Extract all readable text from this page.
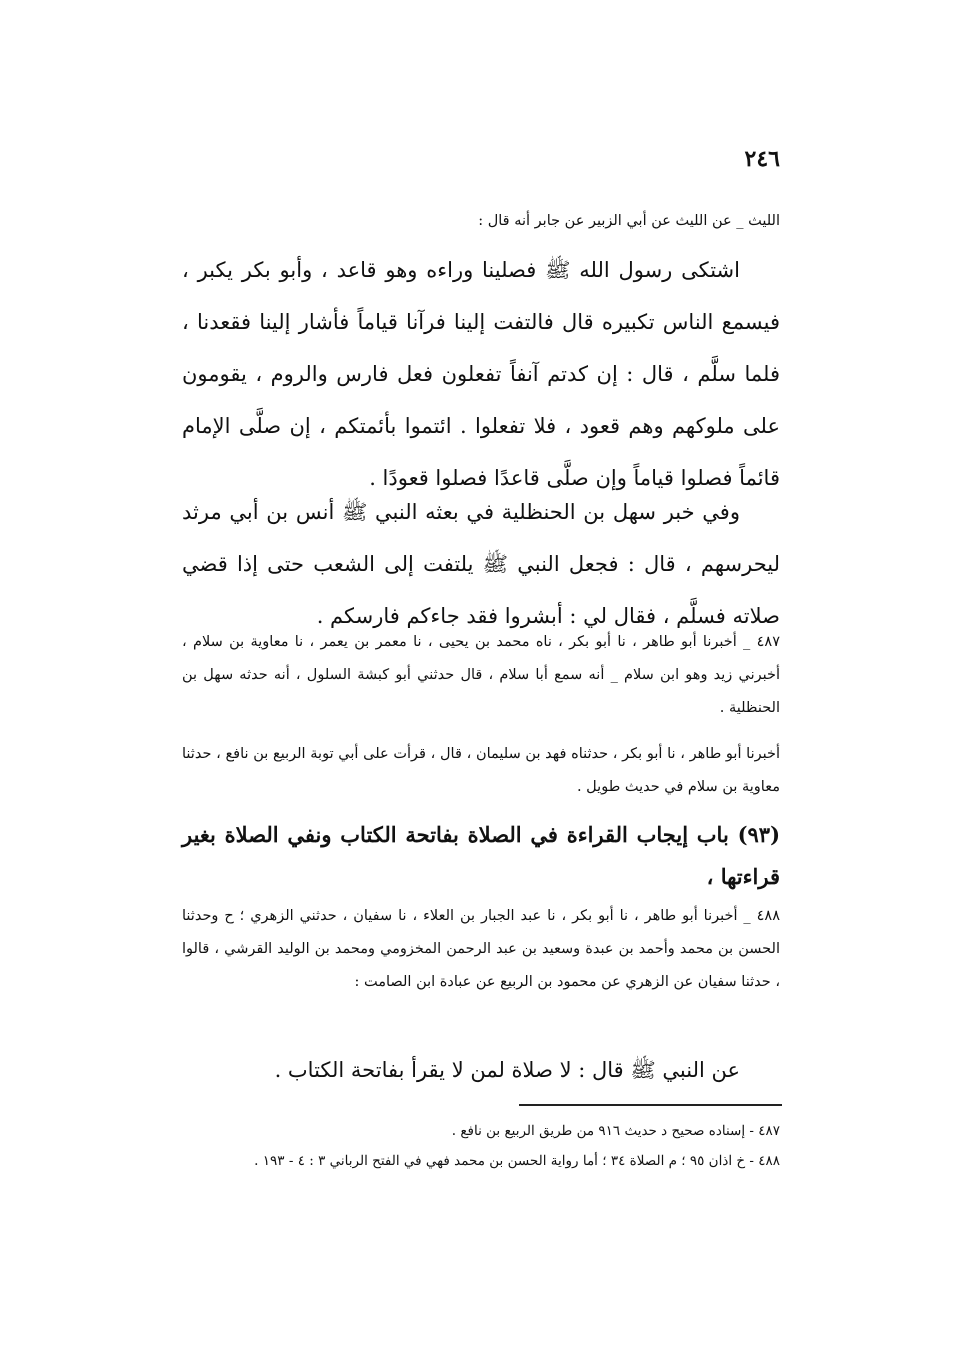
٢٤٦

الليث _ عن الليث عن أبي الزبير عن جابر أنه قال :

اشتكى رسول الله ﷺ فصلينا وراءه وهو قاعد ، وأبو بكر يكبر ، فيسمع الناس تكبيره قال فالتفت إلينا فرآنا قياماً فأشار إلينا فقعدنا ، فلما سلَّم ، قال : إن كدتم آنفاً تفعلون فعل فارس والروم ، يقومون على ملوكهم وهم قعود ، فلا تفعلوا . ائتموا بأئمتكم ، إن صلَّى الإمام قائماً فصلوا قياماً وإن صلَّى قاعدًا فصلوا قعودًا .

وفي خبر سهل بن الحنظلية في بعثه النبي ﷺ أنس بن أبي مرثد ليحرسهم ، قال : فجعل النبي ﷺ يلتفت إلى الشعب حتى إذا قضي صلاته فسلَّم ، فقال لي : أبشروا فقد جاءكم فارسكم .

٤٨٧ _ أخبرنا أبو طاهر ، نا أبو بكر ، ناه محمد بن يحيى ، نا معمر بن يعمر ، نا معاوية بن سلام ، أخبرني زيد وهو ابن سلام _ أنه سمع أبا سلام ، قال حدثني أبو كبشة السلول ، أنه حدثه سهل بن الحنظلية .

أخبرنا أبو طاهر ، نا أبو بكر ، حدثناه فهد بن سليمان ، قال ، قرأت على أبي توبة الربيع بن نافع ، حدثنا معاوية بن سلام في حديث طويل .

(٩٣) باب إيجاب القراءة في الصلاة بفاتحة الكتاب ونفي الصلاة بغير قراءتها ،

٤٨٨ _ أخبرنا أبو طاهر ، نا أبو بكر ، نا عبد الجبار بن العلاء ، نا سفيان ، حدثني الزهري ؛ ح وحدثنا الحسن بن محمد وأحمد بن عبدة وسعيد بن عبد الرحمن المخزومي ومحمد بن الوليد القرشي ، قالوا ، حدثنا سفيان عن الزهري عن محمود بن الربيع عن عبادة ابن الصامت :

عن النبي ﷺ قال : لا صلاة لمن لا يقرأ بفاتحة الكتاب .

٤٨٧ - إسناده صحيح د حديث ٩١٦ من طريق الربيع بن نافع .

٤٨٨ - خ اذان ٩٥ ؛ م الصلاة ٣٤ ؛ أما رواية الحسن بن محمد فهي في الفتح الرباني ٣ : ٤ - ١٩٣ .
